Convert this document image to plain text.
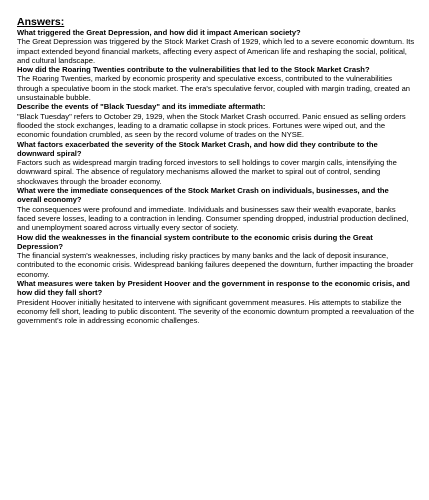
Answers:

What triggered the Great Depression, and how did it impact American society?

The Great Depression was triggered by the Stock Market Crash of 1929, which led to a severe economic downturn. Its impact extended beyond financial markets, affecting every aspect of American life and reshaping the social, political, and cultural landscape.

How did the Roaring Twenties contribute to the vulnerabilities that led to the Stock Market Crash?

The Roaring Twenties, marked by economic prosperity and speculative excess, contributed to the vulnerabilities through a speculative boom in the stock market. The era's speculative fervor, coupled with margin trading, created an unsustainable bubble.

Describe the events of "Black Tuesday" and its immediate aftermath:

"Black Tuesday" refers to October 29, 1929, when the Stock Market Crash occurred. Panic ensued as selling orders flooded the stock exchanges, leading to a dramatic collapse in stock prices. Fortunes were wiped out, and the economic foundation crumbled, as seen by the record volume of trades on the NYSE.

What factors exacerbated the severity of the Stock Market Crash, and how did they contribute to the downward spiral?

Factors such as widespread margin trading forced investors to sell holdings to cover margin calls, intensifying the downward spiral. The absence of regulatory mechanisms allowed the market to spiral out of control, sending shockwaves through the broader economy.

What were the immediate consequences of the Stock Market Crash on individuals, businesses, and the overall economy?

The consequences were profound and immediate. Individuals and businesses saw their wealth evaporate, banks faced severe losses, leading to a contraction in lending. Consumer spending dropped, industrial production declined, and unemployment soared across virtually every sector of society.

How did the weaknesses in the financial system contribute to the economic crisis during the Great Depression?

The financial system's weaknesses, including risky practices by many banks and the lack of deposit insurance, contributed to the economic crisis. Widespread banking failures deepened the downturn, further impacting the broader economy.

What measures were taken by President Hoover and the government in response to the economic crisis, and how did they fall short?

President Hoover initially hesitated to intervene with significant government measures. His attempts to stabilize the economy fell short, leading to public discontent. The severity of the economic downturn prompted a reevaluation of the government's role in addressing economic challenges.
